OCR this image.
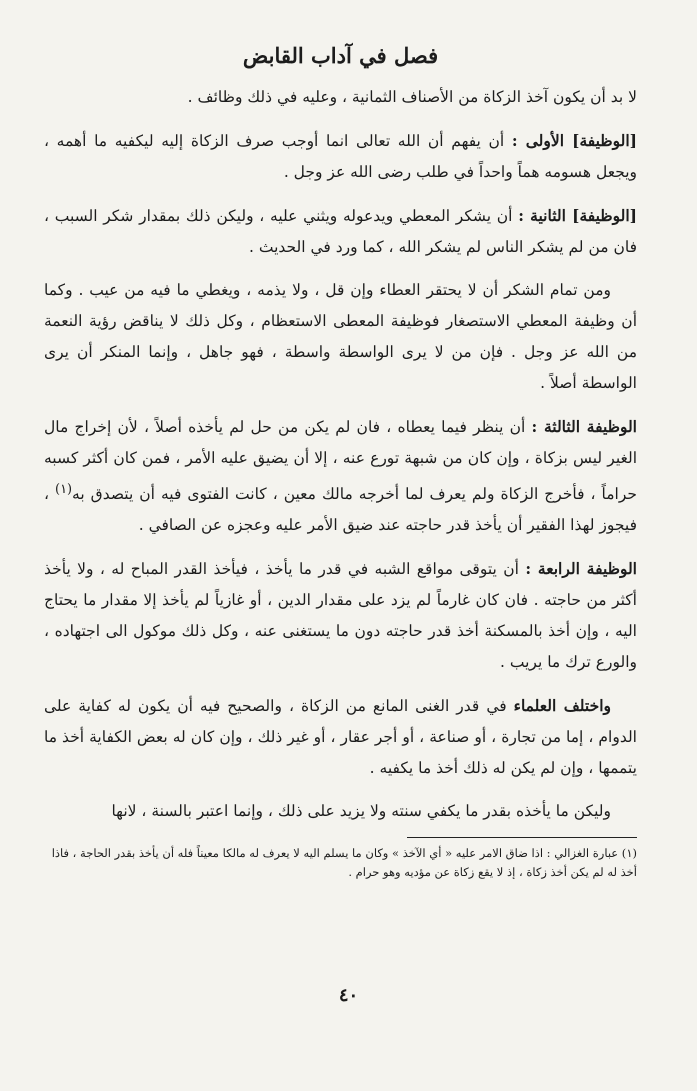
فصل في آداب القابض

لا بد أن يكون آخذ الزكاة من الأصناف الثمانية ، وعليه في ذلك وظائف .

[الوظيفة] الأولى : أن يفهم أن الله تعالى انما أوجب صرف الزكاة إليه ليكفيه ما أهمه ، ويجعل هسومه هماً واحداً في طلب رضى الله عز وجل .

[الوظيفة] الثانية : أن يشكر المعطي ويدعوله ويثني عليه ، وليكن ذلك بمقدار شكر السبب ، فان من لم يشكر الناس لم يشكر الله ، كما ورد في الحديث .

ومن تمام الشكر أن لا يحتقر العطاء وإن قل ، ولا يذمه ، ويغطي ما فيه من عيب . وكما أن وظيفة المعطي الاستصغار فوظيفة المعطى الاستعظام ، وكل ذلك لا يناقض رؤية النعمة من الله عز وجل . فإن من لا يرى الواسطة واسطة ، فهو جاهل ، وإنما المنكر أن يرى الواسطة أصلاً .

الوظيفة الثالثة : أن ينظر فيما يعطاه ، فان لم يكن من حل لم يأخذه أصلاً ، لأن إخراج مال الغير ليس بزكاة ، وإن كان من شبهة تورع عنه ، إلا أن يضيق عليه الأمر ، فمن كان أكثر كسبه حراماً ، فأخرج الزكاة ولم يعرف لما أخرجه مالك معين ، كانت الفتوى فيه أن يتصدق به$^{(١)}$ ، فيجوز لهذا الفقير أن يأخذ قدر حاجته عند ضيق الأمر عليه وعجزه عن الصافي .

الوظيفة الرابعة : أن يتوقى مواقع الشبه في قدر ما يأخذ ، فيأخذ القدر المباح له ، ولا يأخذ أكثر من حاجته . فان كان غارماً لم يزد على مقدار الدين ، أو غازياً لم يأخذ إلا مقدار ما يحتاج اليه ، وإن أخذ بالمسكنة أخذ قدر حاجته دون ما يستغنى عنه ، وكل ذلك موكول الى اجتهاده ، والورع ترك ما يريب .

واختلف العلماء في قدر الغنى المانع من الزكاة ، والصحيح فيه أن يكون له كفاية على الدوام ، إما من تجارة ، أو صناعة ، أو أجر عقار ، أو غير ذلك ، وإن كان له بعض الكفاية أخذ ما يتممها ، وإن لم يكن له ذلك أخذ ما يكفيه .

وليكن ما يأخذه بقدر ما يكفي سنته ولا يزيد على ذلك ، وإنما اعتبر بالسنة ، لانها

(١) عبارة الغزالي : اذا ضاق الامر عليه « أي الآخذ » وكان ما يسلم اليه لا يعرف له مالكا معيناً فله أن يأخذ بقدر الحاجة ، فاذا أخذ له لم يكن أخذ زكاة ، إذ لا يقع زكاة عن مؤديه وهو حرام .
٤٠
